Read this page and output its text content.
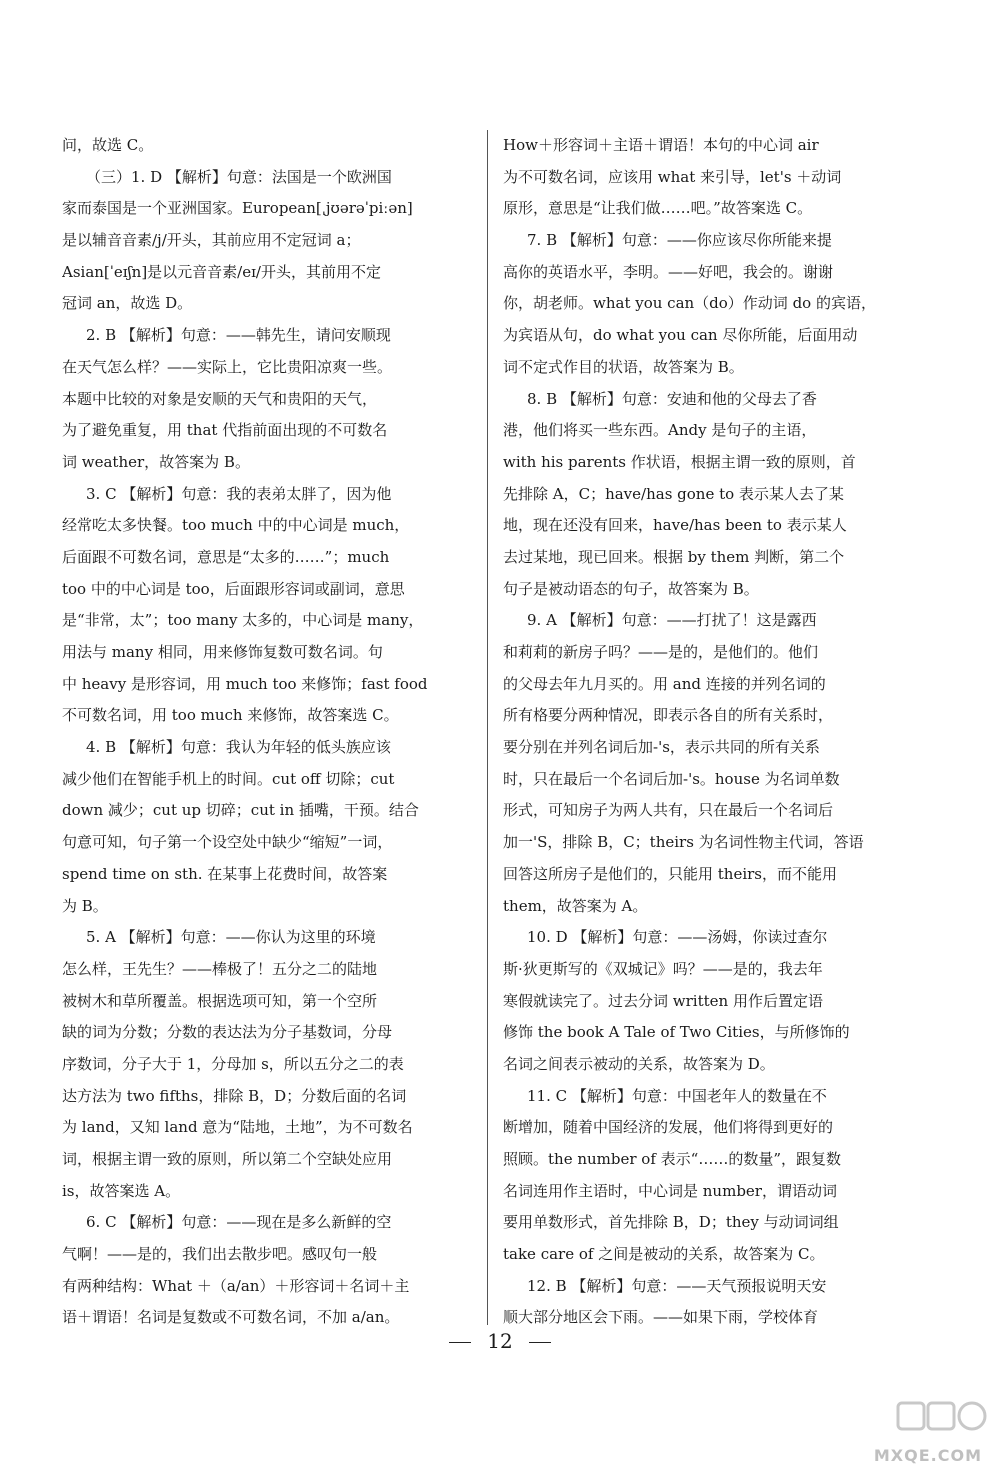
问，故选 C。
（三）1. D 【解析】句意：法国是一个欧洲国
家而泰国是一个亚洲国家。European[ˌjʊərəˈpiːən]
是以辅音音素/j/开头，其前应用不定冠词 a；
Asian[ˈeɪʃn]是以元音音素/eɪ/开头，其前用不定
冠词 an，故选 D。
2. B 【解析】句意：——韩先生，请问安顺现
在天气怎么样？——实际上，它比贵阳凉爽一些。
本题中比较的对象是安顺的天气和贵阳的天气，
为了避免重复，用 that 代指前面出现的不可数名
词 weather，故答案为 B。
3. C 【解析】句意：我的表弟太胖了，因为他
经常吃太多快餐。too much 中的中心词是 much，
后面跟不可数名词，意思是“太多的……”；much
too 中的中心词是 too，后面跟形容词或副词，意思
是“非常，太”；too many 太多的，中心词是 many，
用法与 many 相同，用来修饰复数可数名词。句
中 heavy 是形容词，用 much too 来修饰；fast food
不可数名词，用 too much 来修饰，故答案选 C。
4. B 【解析】句意：我认为年轻的低头族应该
减少他们在智能手机上的时间。cut off 切除；cut
down 减少；cut up 切碎；cut in 插嘴，干预。结合
句意可知，句子第一个设空处中缺少“缩短”一词，
spend time on sth. 在某事上花费时间，故答案
为 B。
5. A 【解析】句意：——你认为这里的环境
怎么样，王先生？——棒极了！五分之二的陆地
被树木和草所覆盖。根据选项可知，第一个空所
缺的词为分数；分数的表达法为分子基数词，分母
序数词，分子大于 1，分母加 s，所以五分之二的表
达方法为 two fifths，排除 B，D；分数后面的名词
为 land，又知 land 意为“陆地，土地”，为不可数名
词，根据主谓一致的原则，所以第二个空缺处应用
is，故答案选 A。
6. C 【解析】句意：——现在是多么新鲜的空
气啊！——是的，我们出去散步吧。感叹句一般
有两种结构：What ＋（a/an）＋形容词＋名词＋主
语＋谓语！名词是复数或不可数名词，不加 a/an。
How＋形容词＋主语＋谓语！本句的中心词 air
为不可数名词，应该用 what 来引导，let's ＋动词
原形，意思是“让我们做……吧。”故答案选 C。
7. B 【解析】句意：——你应该尽你所能来提
高你的英语水平，李明。——好吧，我会的。谢谢
你，胡老师。what you can（do）作动词 do 的宾语，
为宾语从句，do what you can 尽你所能，后面用动
词不定式作目的状语，故答案为 B。
8. B 【解析】句意：安迪和他的父母去了香
港，他们将买一些东西。Andy 是句子的主语，
with his parents 作状语，根据主谓一致的原则，首
先排除 A，C；have/has gone to 表示某人去了某
地，现在还没有回来，have/has been to 表示某人
去过某地，现已回来。根据 by them 判断，第二个
句子是被动语态的句子，故答案为 B。
9. A 【解析】句意：——打扰了！这是露西
和莉莉的新房子吗？——是的，是他们的。他们
的父母去年九月买的。用 and 连接的并列名词的
所有格要分两种情况，即表示各自的所有关系时，
要分别在并列名词后加-'s，表示共同的所有关系
时，只在最后一个名词后加-'s。house 为名词单数
形式，可知房子为两人共有，只在最后一个名词后
加一'S，排除 B，C；theirs 为名词性物主代词，答语
回答这所房子是他们的，只能用 theirs，而不能用
them，故答案为 A。
10. D 【解析】句意：——汤姆，你读过查尔
斯·狄更斯写的《双城记》吗？——是的，我去年
寒假就读完了。过去分词 written 用作后置定语
修饰 the book A Tale of Two Cities，与所修饰的
名词之间表示被动的关系，故答案为 D。
11. C 【解析】句意：中国老年人的数量在不
断增加，随着中国经济的发展，他们将得到更好的
照顾。the number of 表示“……的数量”，跟复数
名词连用作主语时，中心词是 number，谓语动词
要用单数形式，首先排除 B，D；they 与动词词组
take care of 之间是被动的关系，故答案为 C。
12. B 【解析】句意：——天气预报说明天安
顺大部分地区会下雨。——如果下雨，学校体育
12
MXQE.COM
